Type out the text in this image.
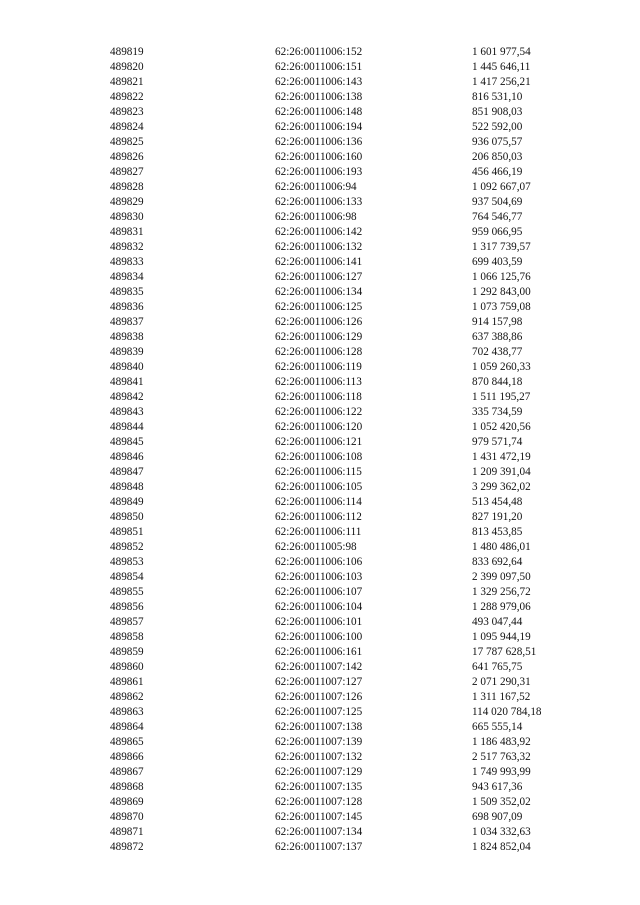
489819	62:26:0011006:152	1 601 977,54
489820	62:26:0011006:151	1 445 646,11
489821	62:26:0011006:143	1 417 256,21
489822	62:26:0011006:138	816 531,10
489823	62:26:0011006:148	851 908,03
489824	62:26:0011006:194	522 592,00
489825	62:26:0011006:136	936 075,57
489826	62:26:0011006:160	206 850,03
489827	62:26:0011006:193	456 466,19
489828	62:26:0011006:94	1 092 667,07
489829	62:26:0011006:133	937 504,69
489830	62:26:0011006:98	764 546,77
489831	62:26:0011006:142	959 066,95
489832	62:26:0011006:132	1 317 739,57
489833	62:26:0011006:141	699 403,59
489834	62:26:0011006:127	1 066 125,76
489835	62:26:0011006:134	1 292 843,00
489836	62:26:0011006:125	1 073 759,08
489837	62:26:0011006:126	914 157,98
489838	62:26:0011006:129	637 388,86
489839	62:26:0011006:128	702 438,77
489840	62:26:0011006:119	1 059 260,33
489841	62:26:0011006:113	870 844,18
489842	62:26:0011006:118	1 511 195,27
489843	62:26:0011006:122	335 734,59
489844	62:26:0011006:120	1 052 420,56
489845	62:26:0011006:121	979 571,74
489846	62:26:0011006:108	1 431 472,19
489847	62:26:0011006:115	1 209 391,04
489848	62:26:0011006:105	3 299 362,02
489849	62:26:0011006:114	513 454,48
489850	62:26:0011006:112	827 191,20
489851	62:26:0011006:111	813 453,85
489852	62:26:0011005:98	1 480 486,01
489853	62:26:0011006:106	833 692,64
489854	62:26:0011006:103	2 399 097,50
489855	62:26:0011006:107	1 329 256,72
489856	62:26:0011006:104	1 288 979,06
489857	62:26:0011006:101	493 047,44
489858	62:26:0011006:100	1 095 944,19
489859	62:26:0011006:161	17 787 628,51
489860	62:26:0011007:142	641 765,75
489861	62:26:0011007:127	2 071 290,31
489862	62:26:0011007:126	1 311 167,52
489863	62:26:0011007:125	114 020 784,18
489864	62:26:0011007:138	665 555,14
489865	62:26:0011007:139	1 186 483,92
489866	62:26:0011007:132	2 517 763,32
489867	62:26:0011007:129	1 749 993,99
489868	62:26:0011007:135	943 617,36
489869	62:26:0011007:128	1 509 352,02
489870	62:26:0011007:145	698 907,09
489871	62:26:0011007:134	1 034 332,63
489872	62:26:0011007:137	1 824 852,04
